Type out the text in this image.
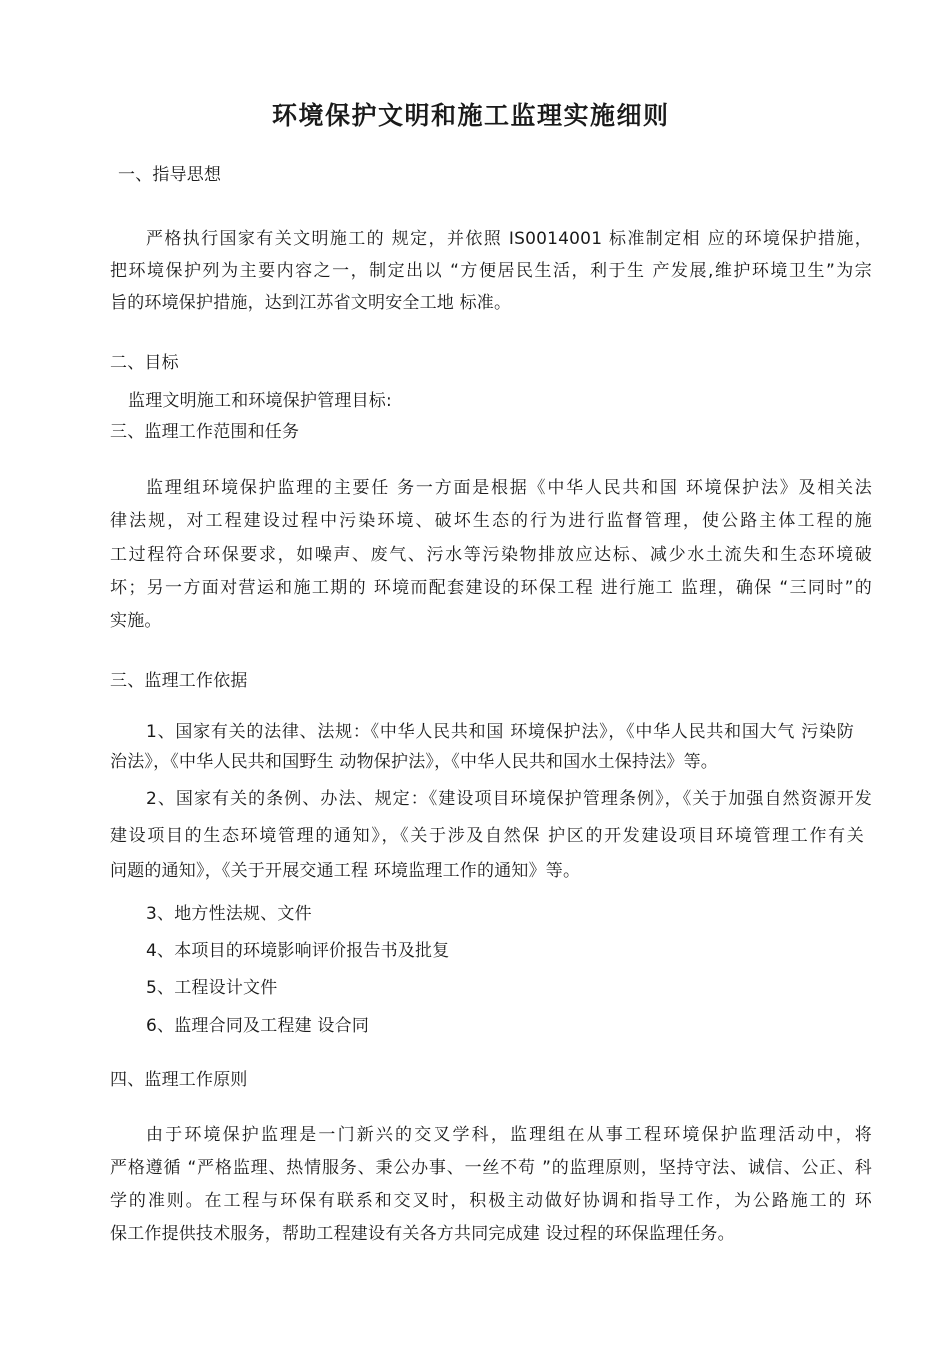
环境保护文明和施工监理实施细则

一、指导思想

严格执行国家有关文明施工的 规定，并依照 IS0014001 标准制定相 应的环境保护措施，

把环境保护列为主要内容之一，制定出以 “方便居民生活，利于生 产发展,维护环境卫生”为宗

旨的环境保护措施，达到江苏省文明安全工地 标准。

二、目标

监理文明施工和环境保护管理目标:

三、监理工作范围和任务

监理组环境保护监理的主要任 务一方面是根据《中华人民共和国 环境保护法》及相关法

律法规，对工程建设过程中污染环境、破坏生态的行为进行监督管理，使公路主体工程的施

工过程符合环保要求，如噪声、废气、污水等污染物排放应达标、减少水土流失和生态环境破

坏；另一方面对营运和施工期的 环境而配套建设的环保工程 进行施工 监理，确保 “三同时”的

实施。

三、监理工作依据

1、国家有关的法律、法规：《中华人民共和国 环境保护法》，《中华人民共和国大气 污染防

治法》，《中华人民共和国野生 动物保护法》，《中华人民共和国水土保持法》等。

2、国家有关的条例、办法、规定：《建设项目环境保护管理条例》，《关于加强自然资源开发

建设项目的生态环境管理的通知》，《关于涉及自然保 护区的开发建设项目环境管理工作有关

问题的通知》，《关于开展交通工程 环境监理工作的通知》等。

3、地方性法规、文件

4、本项目的环境影响评价报告书及批复

5、工程设计文件

6、监理合同及工程建 设合同

四、监理工作原则

由于环境保护监理是一门新兴的交叉学科，监理组在从事工程环境保护监理活动中，将

严格遵循 “严格监理、热情服务、秉公办事、一丝不苟 ”的监理原则，坚持守法、诚信、公正、科

学的准则。在工程与环保有联系和交叉时，积极主动做好协调和指导工作，为公路施工的 环

保工作提供技术服务，帮助工程建设有关各方共同完成建 设过程的环保监理任务。
